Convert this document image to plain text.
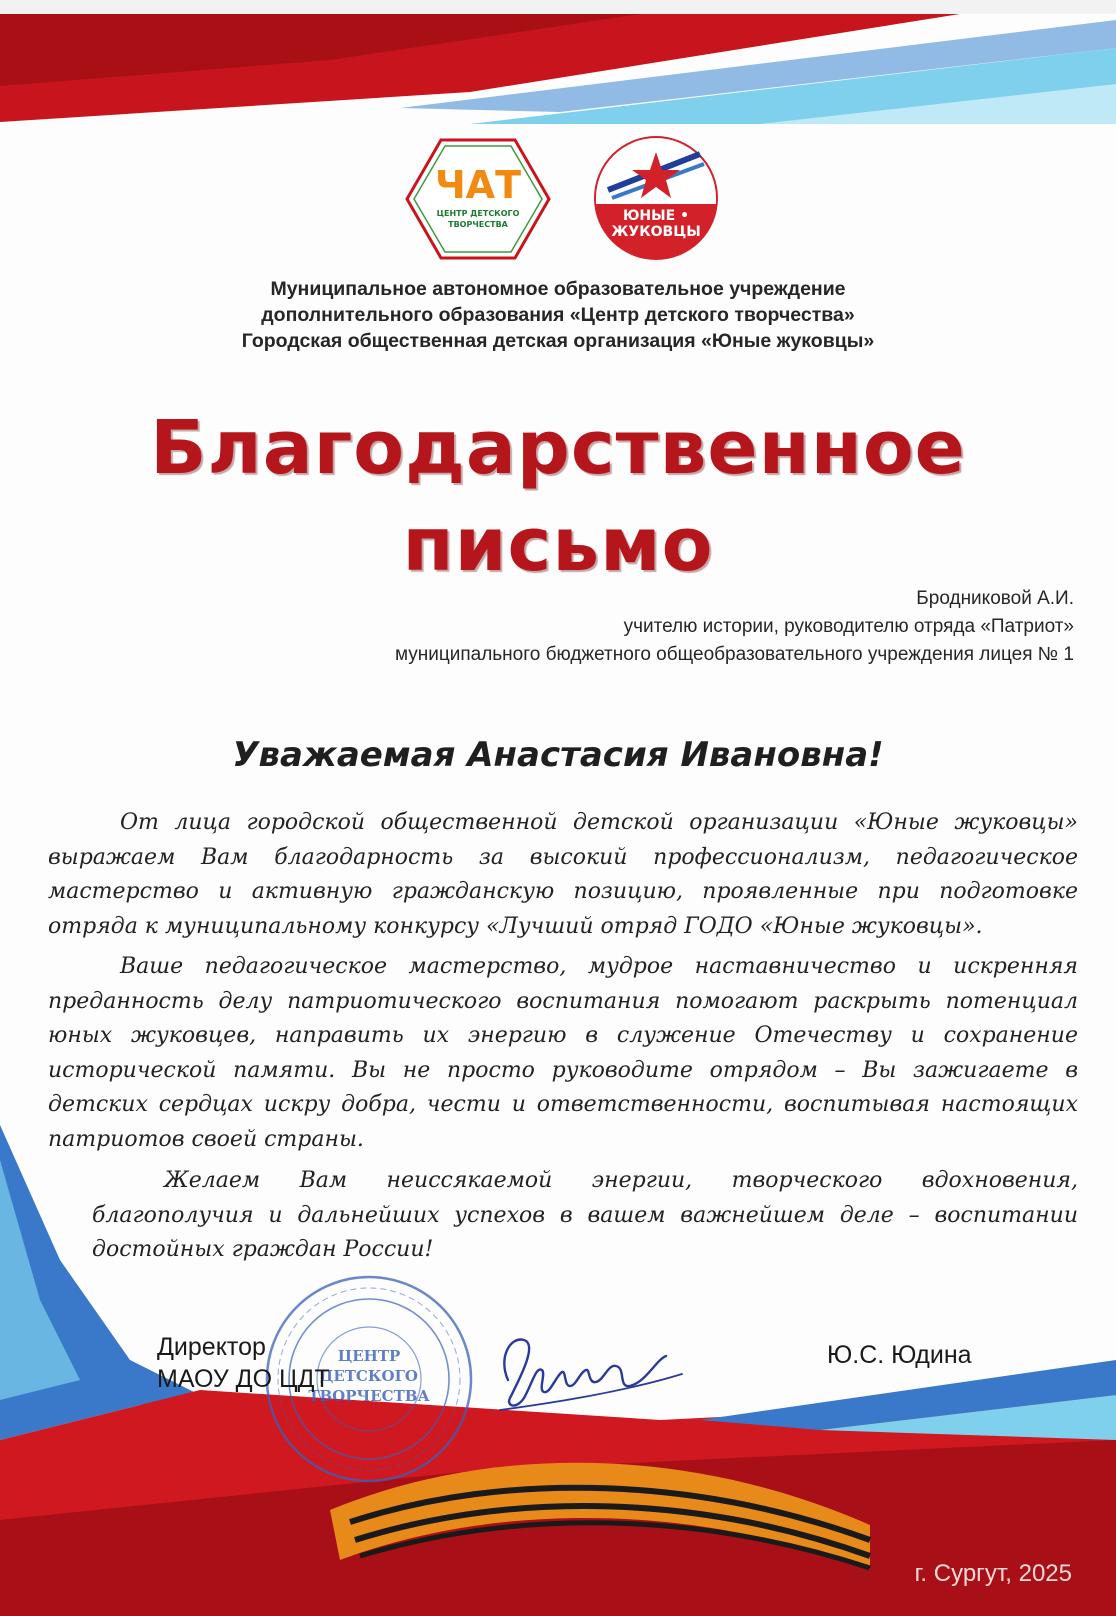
ЧАТ
ЦЕНТР ДЕТСКОГО
ТВОРЧЕСТВА
ЮНЫЕ •
ЖУКОВЦЫ
Муниципальное автономное образовательное учреждение
дополнительного образования «Центр детского творчества»
Городская общественная детская организация «Юные жуковцы»
Благодарственное
письмо
Бродниковой А.И.
учителю истории, руководителю отряда «Патриот»
муниципального бюджетного общеобразовательного учреждения лицея № 1
Уважаемая Анастасия Ивановна!
От лица городской общественной детской организации «Юные жуковцы» выражаем Вам благодарность за высокий профессионализм, педагогическое мастерство и активную гражданскую позицию, проявленные при подготовке отряда к муниципальному конкурсу «Лучший отряд ГОДО «Юные жуковцы».
Ваше педагогическое мастерство, мудрое наставничество и искренняя преданность делу патриотического воспитания помогают раскрыть потенциал юных жуковцев, направить их энергию в служение Отечеству и сохранение исторической памяти. Вы не просто руководите отрядом – Вы зажигаете в детских сердцах искру добра, чести и ответственности, воспитывая настоящих патриотов своей страны.
Желаем Вам неиссякаемой энергии, творческого вдохновения, благополучия и дальнейших успехов в вашем важнейшем деле – воспитании достойных граждан России!
ЦЕНТР
ДЕТСКОГО
ТВОРЧЕСТВА
Директор
МАОУ ДО ЦДТ
Ю.С. Юдина
г. Сургут, 2025
